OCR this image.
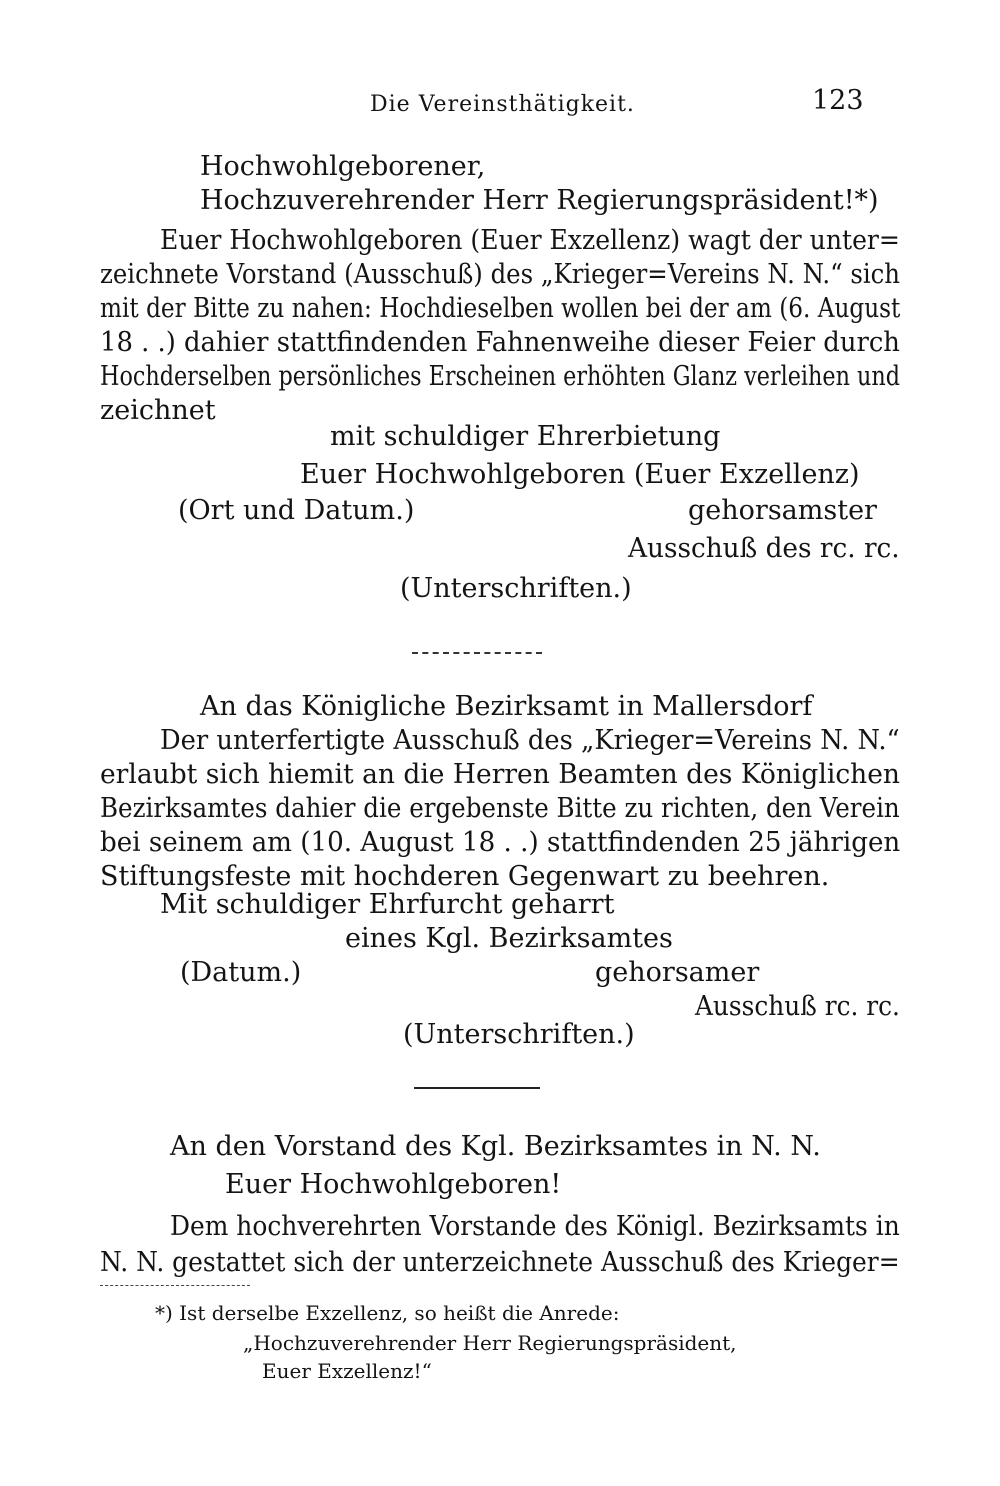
Die Vereinsthätigkeit.	123
Hochwohlgeborener,
Hochzuverehrender Herr Regierungspräsident!*)
Euer Hochwohlgeboren (Euer Exzellenz) wagt der unter=
zeichnete Vorstand (Ausschuß) des „Krieger=Vereins N. N.“ sich
mit der Bitte zu nahen: Hochdieselben wollen bei der am (6. August
18 . .) dahier stattfindenden Fahnenweihe dieser Feier durch
Hochderselben persönliches Erscheinen erhöhten Glanz verleihen und
zeichnet
mit schuldiger Ehrerbietung
Euer Hochwohlgeboren (Euer Exzellenz)
(Ort und Datum.)	gehorsamster
Ausschuß des rc. rc.
(Unterschriften.)
An das Königliche Bezirksamt in Mallersdorf
Der unterfertigte Ausschuß des „Krieger=Vereins N. N.“
erlaubt sich hiemit an die Herren Beamten des Königlichen
Bezirksamtes dahier die ergebenste Bitte zu richten, den Verein
bei seinem am (10. August 18 . .) stattfindenden 25 jährigen
Stiftungsfeste mit hochderen Gegenwart zu beehren.
Mit schuldiger Ehrfurcht geharrt
eines Kgl. Bezirksamtes
(Datum.)	gehorsamer
Ausschuß rc. rc.
(Unterschriften.)
An den Vorstand des Kgl. Bezirksamtes in N. N.
Euer Hochwohlgeboren!
Dem hochverehrten Vorstande des Königl. Bezirksamts in
N. N. gestattet sich der unterzeichnete Ausschuß des Krieger=
*) Ist derselbe Exzellenz, so heißt die Anrede:
„Hochzuverehrender Herr Regierungspräsident,
Euer Exzellenz!“
